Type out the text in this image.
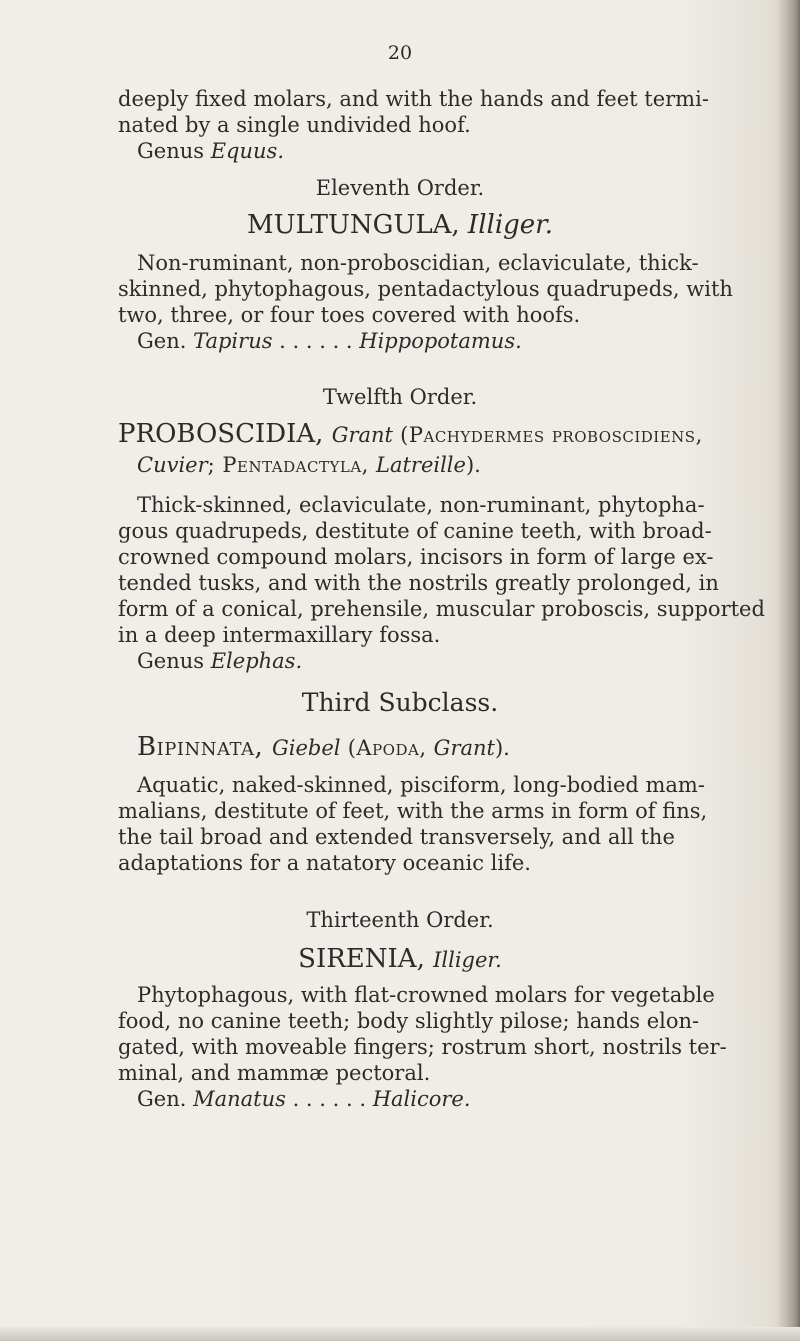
20
deeply fixed molars, and with the hands and feet termi-
nated by a single undivided hoof.
Genus Equus.
Eleventh Order.
MULTUNGULA, Illiger.
Non-ruminant, non-proboscidian, eclaviculate, thick-
skinned, phytophagous, pentadactylous quadrupeds, with
two, three, or four toes covered with hoofs.
Gen. Tapirus . . . . . . Hippopotamus.
Twelfth Order.
PROBOSCIDIA, Grant (Pachydermes proboscidiens,
Cuvier; Pentadactyla, Latreille).
Thick-skinned, eclaviculate, non-ruminant, phytopha-
gous quadrupeds, destitute of canine teeth, with broad-
crowned compound molars, incisors in form of large ex-
tended tusks, and with the nostrils greatly prolonged, in
form of a conical, prehensile, muscular proboscis, supported
in a deep intermaxillary fossa.
Genus Elephas.
Third Subclass.
Bipinnata, Giebel (Apoda, Grant).
Aquatic, naked-skinned, pisciform, long-bodied mam-
malians, destitute of feet, with the arms in form of fins,
the tail broad and extended transversely, and all the
adaptations for a natatory oceanic life.
Thirteenth Order.
SIRENIA, Illiger.
Phytophagous, with flat-crowned molars for vegetable
food, no canine teeth; body slightly pilose; hands elon-
gated, with moveable fingers; rostrum short, nostrils ter-
minal, and mammæ pectoral.
Gen. Manatus . . . . . . Halicore.
